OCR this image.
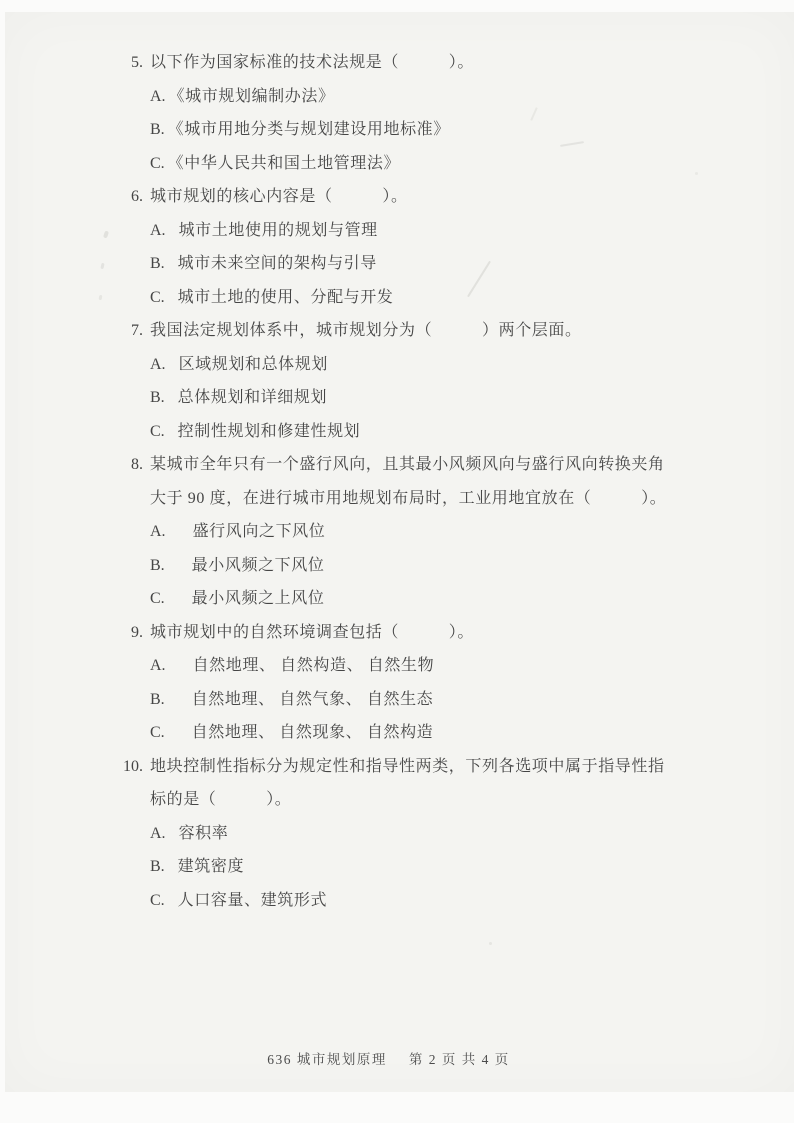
5. 以下作为国家标准的技术法规是（　　　）。
A. 《城市规划编制办法》
B. 《城市用地分类与规划建设用地标准》
C. 《中华人民共和国土地管理法》
6. 城市规划的核心内容是（　　　）。
A. 城市土地使用的规划与管理
B. 城市未来空间的架构与引导
C. 城市土地的使用、分配与开发
7. 我国法定规划体系中，城市规划分为（　　　）两个层面。
A. 区域规划和总体规划
B. 总体规划和详细规划
C. 控制性规划和修建性规划
8. 某城市全年只有一个盛行风向，且其最小风频风向与盛行风向转换夹角大于 90 度，在进行城市用地规划布局时，工业用地宜放在（　　　）。
A. 盛行风向之下风位
B. 最小风频之下风位
C. 最小风频之上风位
9. 城市规划中的自然环境调查包括（　　　）。
A. 自然地理、 自然构造、 自然生物
B. 自然地理、 自然气象、 自然生态
C. 自然地理、 自然现象、 自然构造
10. 地块控制性指标分为规定性和指导性两类，下列各选项中属于指导性指标的是（　　　）。
A. 容积率
B. 建筑密度
C. 人口容量、建筑形式
636 城市规划原理 第 2 页 共 4 页
